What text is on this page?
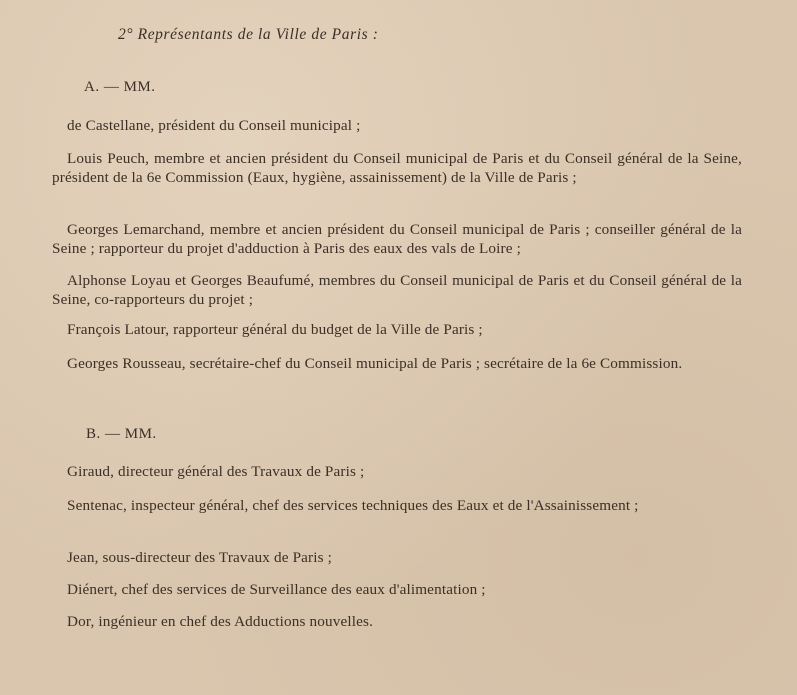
2° Représentants de la Ville de Paris :
A. — MM.

de Castellane, président du Conseil municipal ;

Louis Peuch, membre et ancien président du Conseil municipal de Paris et du Conseil général de la Seine, président de la 6e Commission (Eaux, hygiène, assainissement) de la Ville de Paris ;

Georges Lemarchand, membre et ancien président du Conseil municipal de Paris ; conseiller général de la Seine ; rapporteur du projet d'adduction à Paris des eaux des vals de Loire ;

Alphonse Loyau et Georges Beaufumé, membres du Conseil municipal de Paris et du Conseil général de la Seine, co-rapporteurs du projet ;

François Latour, rapporteur général du budget de la Ville de Paris ;

Georges Rousseau, secrétaire-chef du Conseil municipal de Paris ; secrétaire de la 6e Commission.

B. — MM.

Giraud, directeur général des Travaux de Paris ;

Sentenac, inspecteur général, chef des services techniques des Eaux et de l'Assainissement ;

Jean, sous-directeur des Travaux de Paris ;

Diénert, chef des services de Surveillance des eaux d'alimentation ;

Dor, ingénieur en chef des Adductions nouvelles.
